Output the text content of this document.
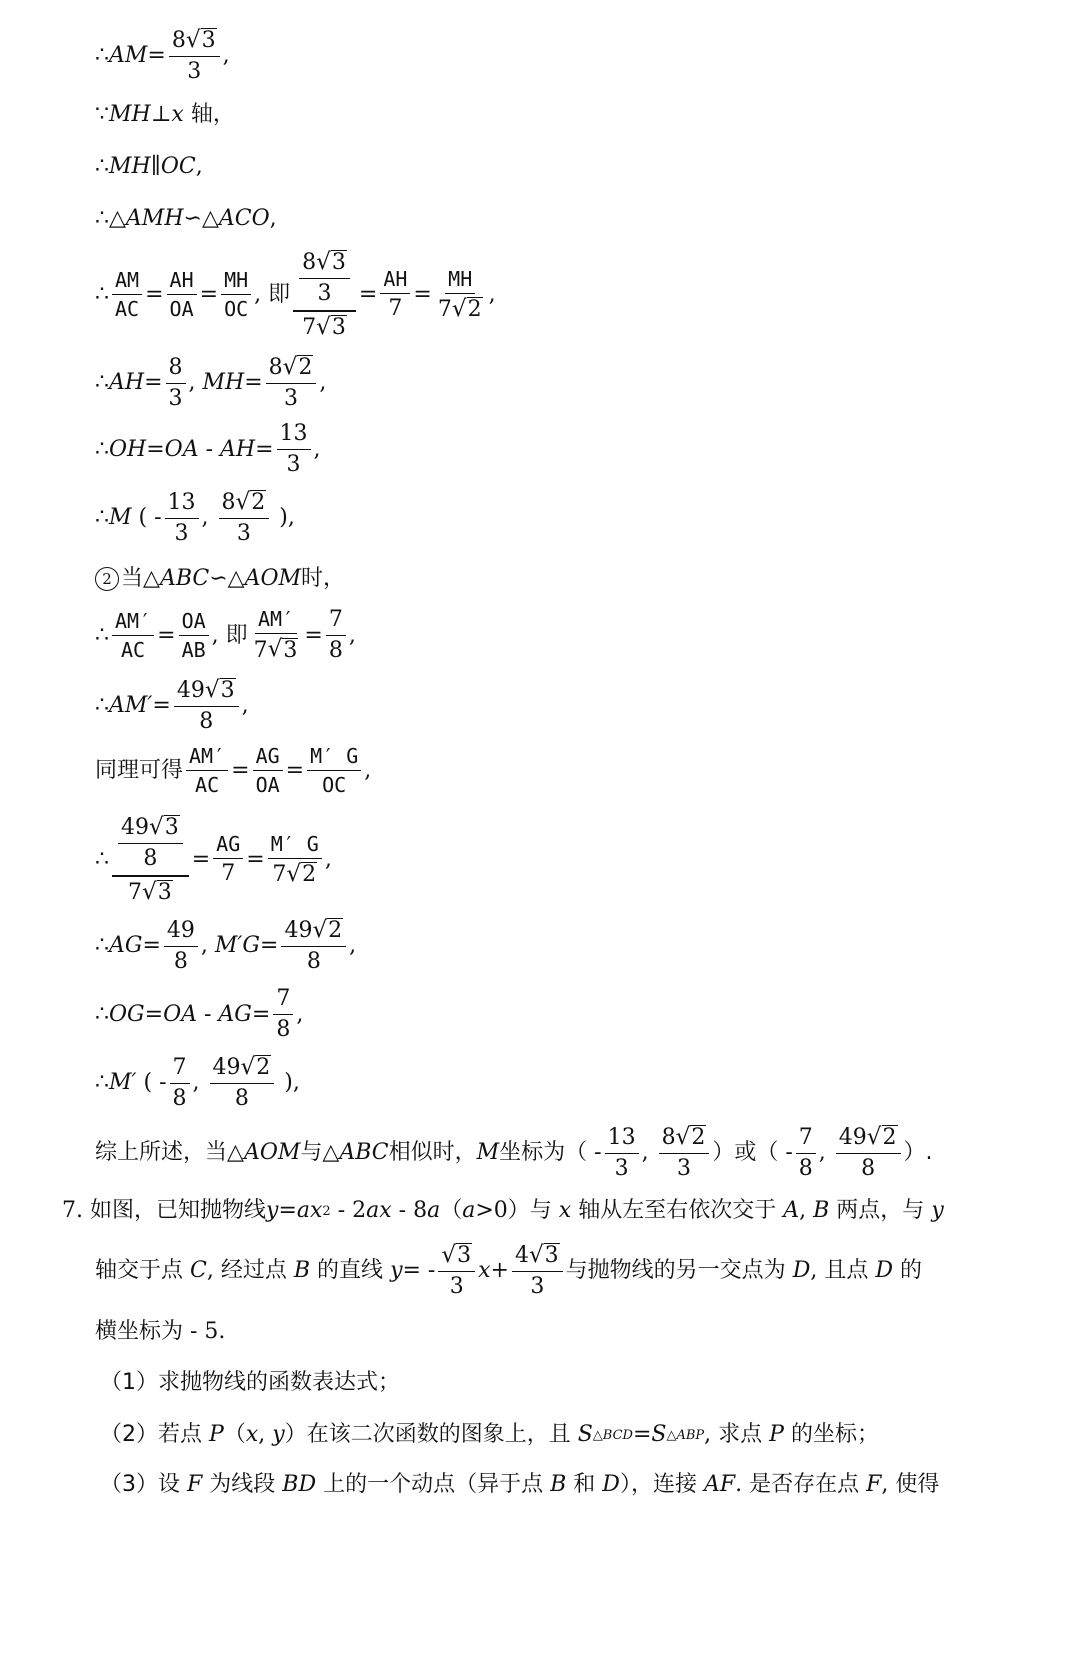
∴ AM = $\frac{8 √ 3}{3}$ ,
∵ MH ⊥ x
轴，
∴ MH ∥ OC ,
∴ △ AMH ∽△ ACO ,
∴ $\frac{AM}{AC} = \frac{AH}{OA} = \frac{MH}{OC}$ , 即 $\frac{\frac{8 √ 3}{3}}{7 √ 3} = \frac{AH}{7} = \frac{MH}{7 √ 2}$ ,
∴ AH = $\frac{8}{3}$ , MH = $\frac{8 √ 2}{3}$ ,
∴ OH = OA - AH = $\frac{13}{3}$ ,
∴ M ( - $\frac{13}{3}$ , $\frac{8 √ 2}{3}$ ),
2 当 △ ABC ∽△ AOM 时，
∴ $\frac{AM'}{AC} = \frac{OA}{AB}$ , 即 $\frac{AM'}{7 √ 3} = \frac{7}{8}$ ,
∴ $AM' = \frac{49 √ 3}{8}$ ,
同理可得 $\frac{AM'}{AC} = \frac{AG}{OA} = \frac{M' G}{OC}$ ,
∴ $\frac{\frac{49 √ 3}{8}}{7 √ 3} = \frac{AG}{7} = \frac{M' G}{7 √ 2}$ ,
∴ AG = $\frac{49}{8}$ , $M'G = \frac{49 √ 2}{8}$ ,
∴ OG = OA - AG = $\frac{7}{8}$ ,
∴ M′ ( - $\frac{7}{8}$ , $\frac{49 √ 2}{8}$ ),
综上所述，当 △ AOM 与 △ ABC 相似时， M 坐标为（ - $\frac{13}{3}$ , $\frac{8 √ 2}{3}$ ）或（ - $\frac{7}{8}$ , $\frac{49 √ 2}{8}$ ）.
7.
如图，已知抛物线 y = ax 2 - 2 ax - 8 a （ a >0 ）与
x
轴从左至右依次交于
A , B
两点，与
y
轴交于点
C , 经过点
B
的直线
y = - $\frac{√ 3}{3}$ $x + \frac{4 √ 3}{3}$ 与抛物线的另一交点为
D , 且点
D
的
横坐标为 - 5.
（1）求抛物线的函数表达式；
（2）若点
P （ x , y ）在该二次函数的图象上，且
S △BCD = S △ABP , 求点
P
的坐标；
（3）设
F
为线段
BD
上的一个动点（异于点
B
和
D ），连接
AF . 是否存在点
F , 使得
